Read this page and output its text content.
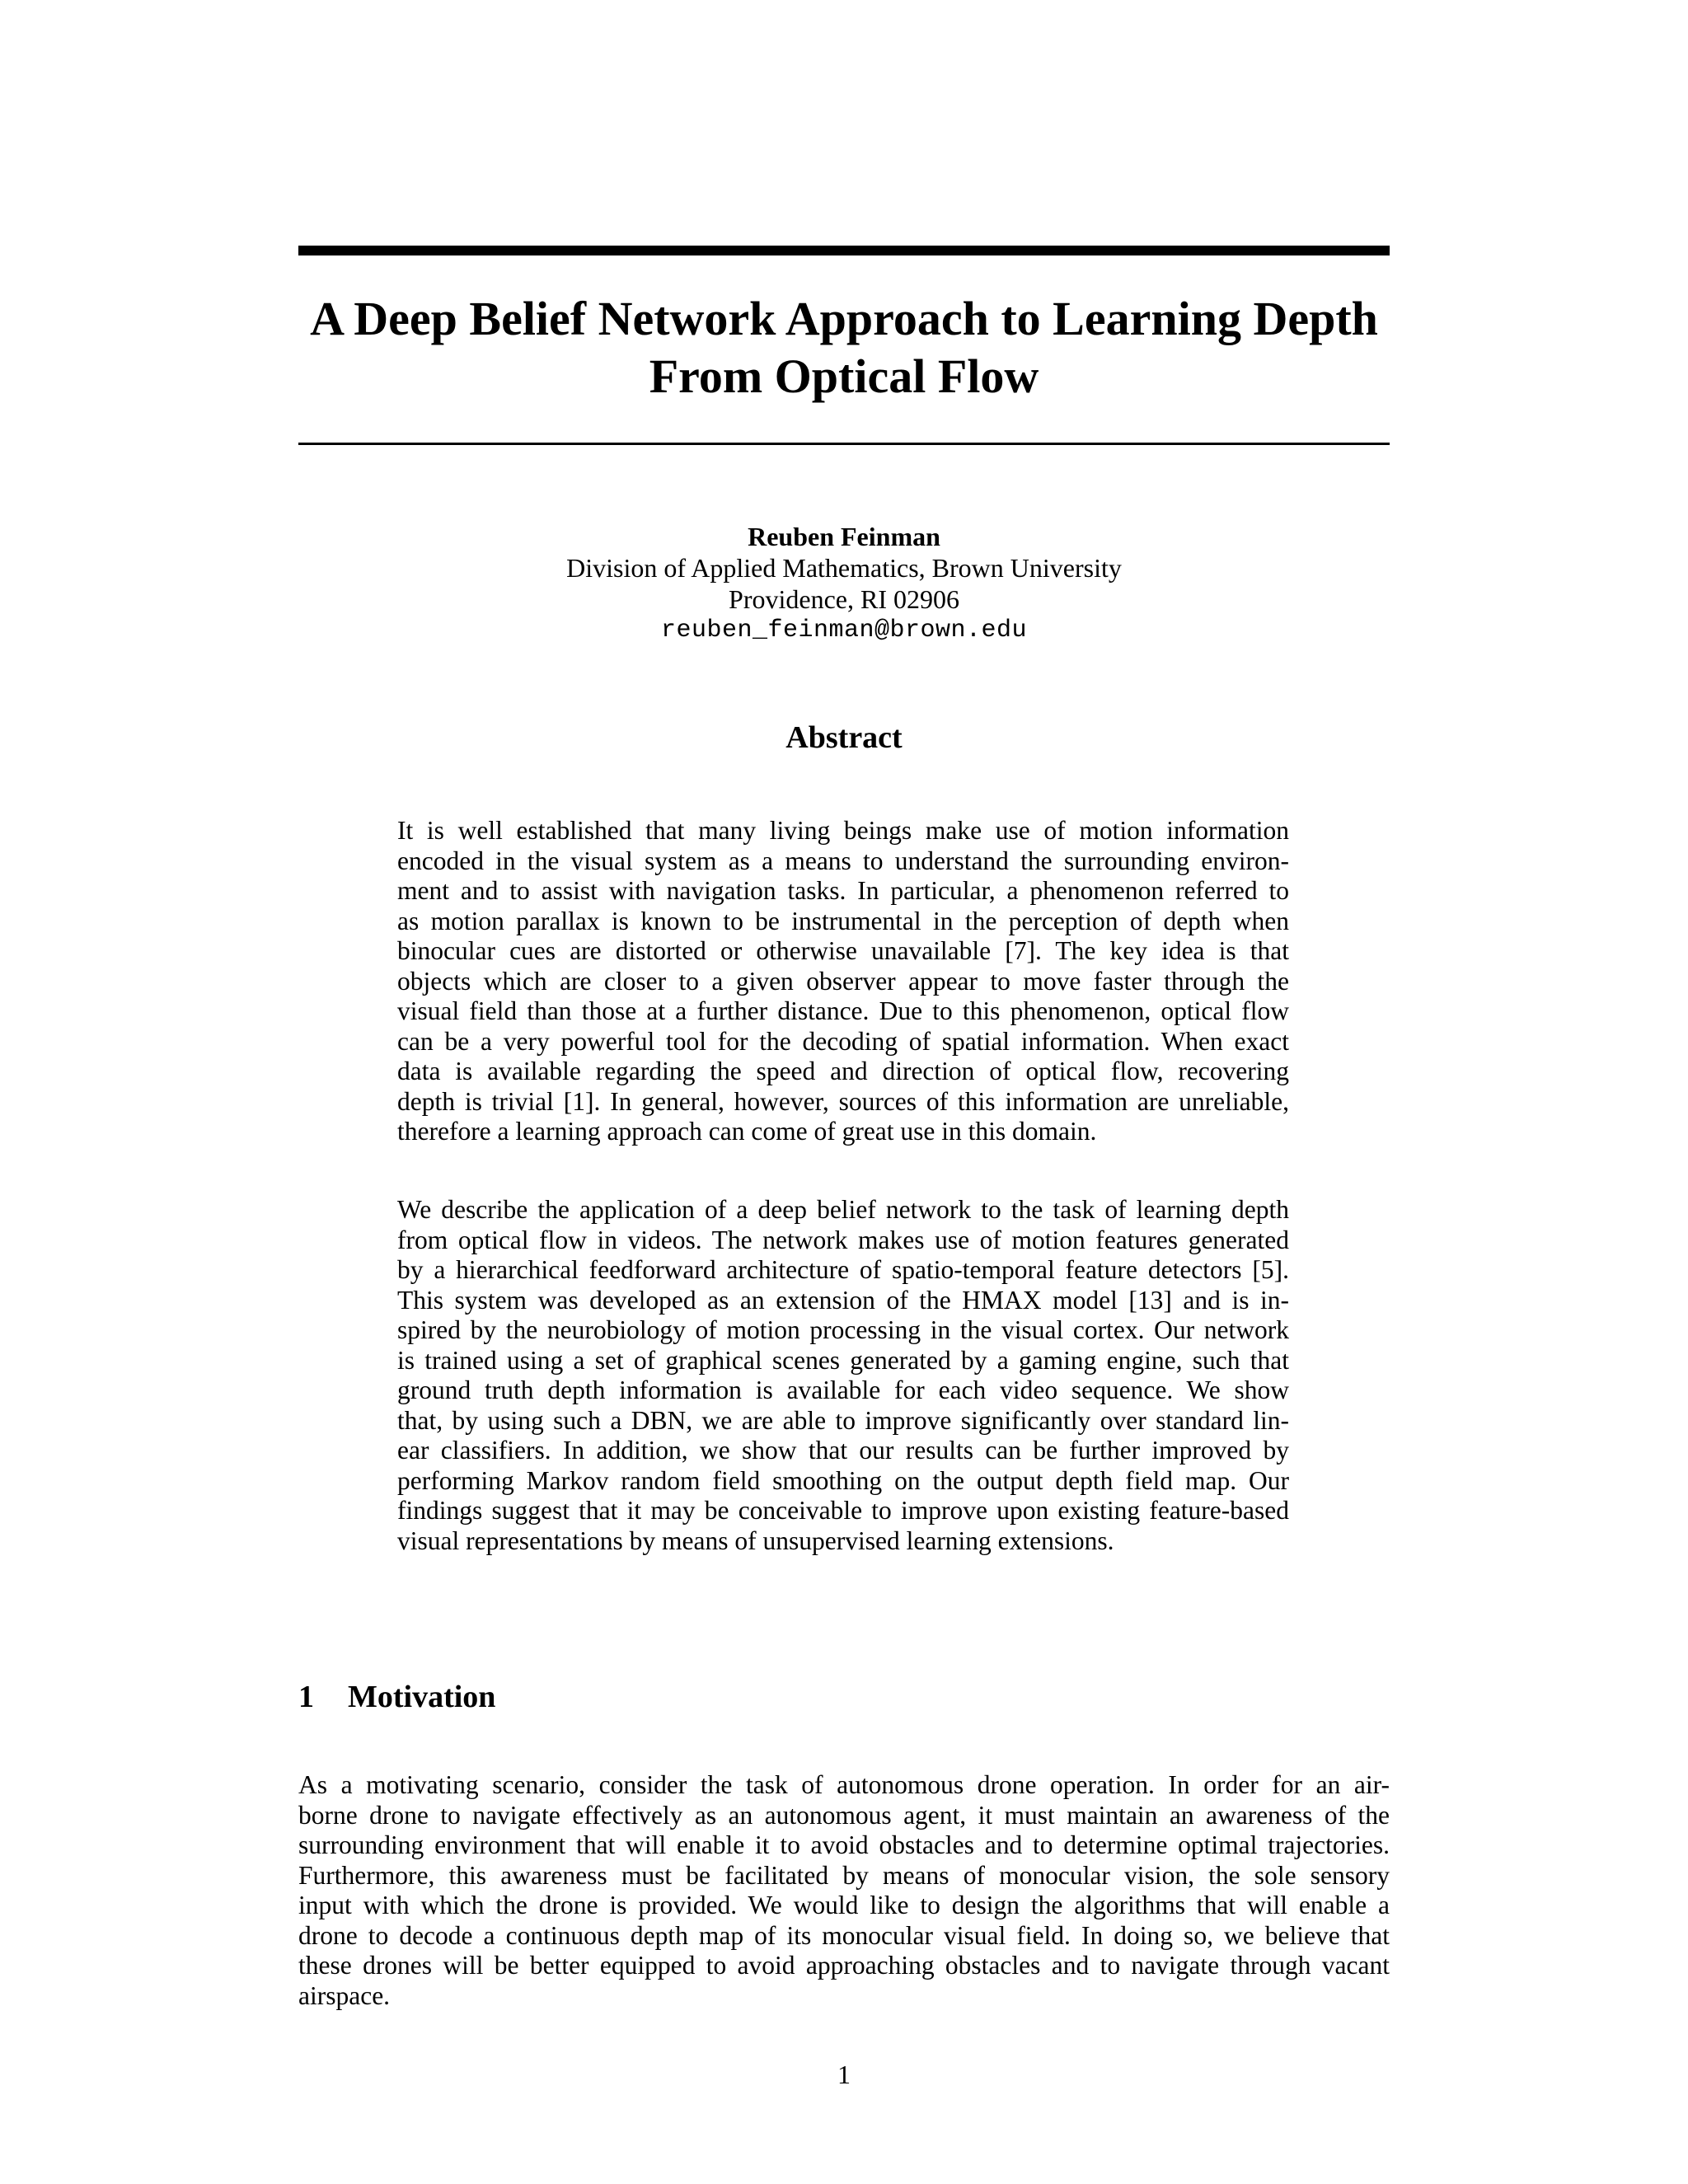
A Deep Belief Network Approach to Learning Depth
From Optical Flow
Reuben Feinman
Division of Applied Mathematics, Brown University
Providence, RI 02906
reuben_feinman@brown.edu
Abstract

It is well established that many living beings make use of motion information
encoded in the visual system as a means to understand the surrounding environ-
ment and to assist with navigation tasks. In particular, a phenomenon referred to
as motion parallax is known to be instrumental in the perception of depth when
binocular cues are distorted or otherwise unavailable [7]. The key idea is that
objects which are closer to a given observer appear to move faster through the
visual field than those at a further distance. Due to this phenomenon, optical flow
can be a very powerful tool for the decoding of spatial information. When exact
data is available regarding the speed and direction of optical flow, recovering
depth is trivial [1]. In general, however, sources of this information are unreliable,
therefore a learning approach can come of great use in this domain.

We describe the application of a deep belief network to the task of learning depth
from optical flow in videos. The network makes use of motion features generated
by a hierarchical feedforward architecture of spatio-temporal feature detectors [5].
This system was developed as an extension of the HMAX model [13] and is in-
spired by the neurobiology of motion processing in the visual cortex. Our network
is trained using a set of graphical scenes generated by a gaming engine, such that
ground truth depth information is available for each video sequence. We show
that, by using such a DBN, we are able to improve significantly over standard lin-
ear classifiers. In addition, we show that our results can be further improved by
performing Markov random field smoothing on the output depth field map. Our
findings suggest that it may be conceivable to improve upon existing feature-based
visual representations by means of unsupervised learning extensions.

1 Motivation

As a motivating scenario, consider the task of autonomous drone operation. In order for an air-
borne drone to navigate effectively as an autonomous agent, it must maintain an awareness of the
surrounding environment that will enable it to avoid obstacles and to determine optimal trajectories.
Furthermore, this awareness must be facilitated by means of monocular vision, the sole sensory
input with which the drone is provided. We would like to design the algorithms that will enable a
drone to decode a continuous depth map of its monocular visual field. In doing so, we believe that
these drones will be better equipped to avoid approaching obstacles and to navigate through vacant
airspace.

1
